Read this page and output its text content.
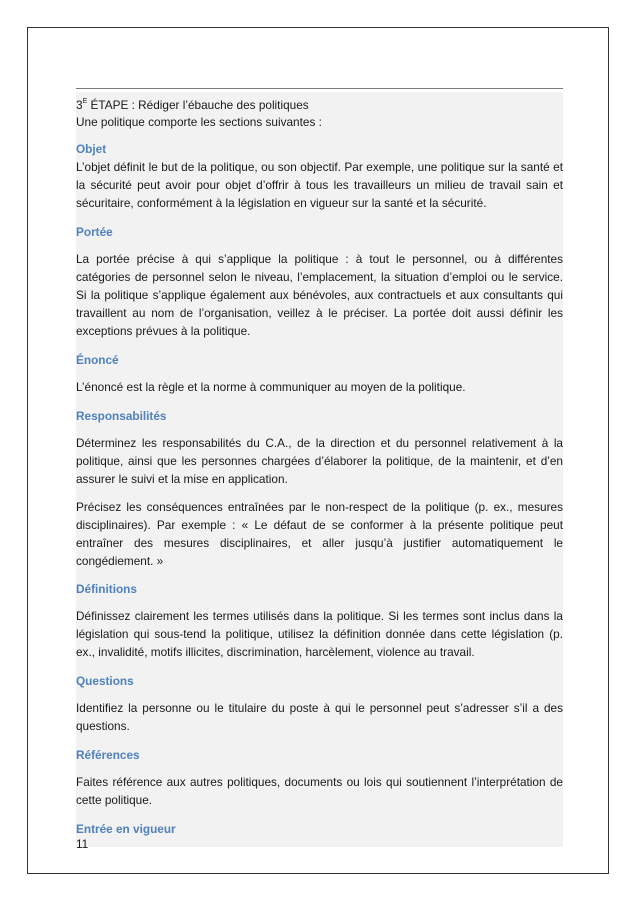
$3^E$ ÉTAPE : Rédiger l’ébauche des politiques

Une politique comporte les sections suivantes :

Objet

L’objet définit le but de la politique, ou son objectif. Par exemple, une politique sur la santé et la sécurité peut avoir pour objet d’offrir à tous les travailleurs un milieu de travail sain et sécuritaire, conformément à la législation en vigueur sur la santé et la sécurité.

Portée

La portée précise à qui s’applique la politique : à tout le personnel, ou à différentes catégories de personnel selon le niveau, l’emplacement, la situation d’emploi ou le service. Si la politique s’applique également aux bénévoles, aux contractuels et aux consultants qui travaillent au nom de l’organisation, veillez à le préciser. La portée doit aussi définir les exceptions prévues à la politique.

Énoncé

L’énoncé est la règle et la norme à communiquer au moyen de la politique.

Responsabilités

Déterminez les responsabilités du C.A., de la direction et du personnel relativement à la politique, ainsi que les personnes chargées d’élaborer la politique, de la maintenir, et d’en assurer le suivi et la mise en application.

Précisez les conséquences entraînées par le non-respect de la politique (p. ex., mesures disciplinaires). Par exemple : « Le défaut de se conformer à la présente politique peut entraîner des mesures disciplinaires, et aller jusqu’à justifier automatiquement le congédiement. »

Définitions

Définissez clairement les termes utilisés dans la politique. Si les termes sont inclus dans la législation qui sous-tend la politique, utilisez la définition donnée dans cette législation (p. ex., invalidité, motifs illicites, discrimination, harcèlement, violence au travail.

Questions

Identifiez la personne ou le titulaire du poste à qui le personnel peut s’adresser s’il a des questions.

Références

Faites référence aux autres politiques, documents ou lois qui soutiennent l’interprétation de cette politique.

Entrée en vigueur

11
